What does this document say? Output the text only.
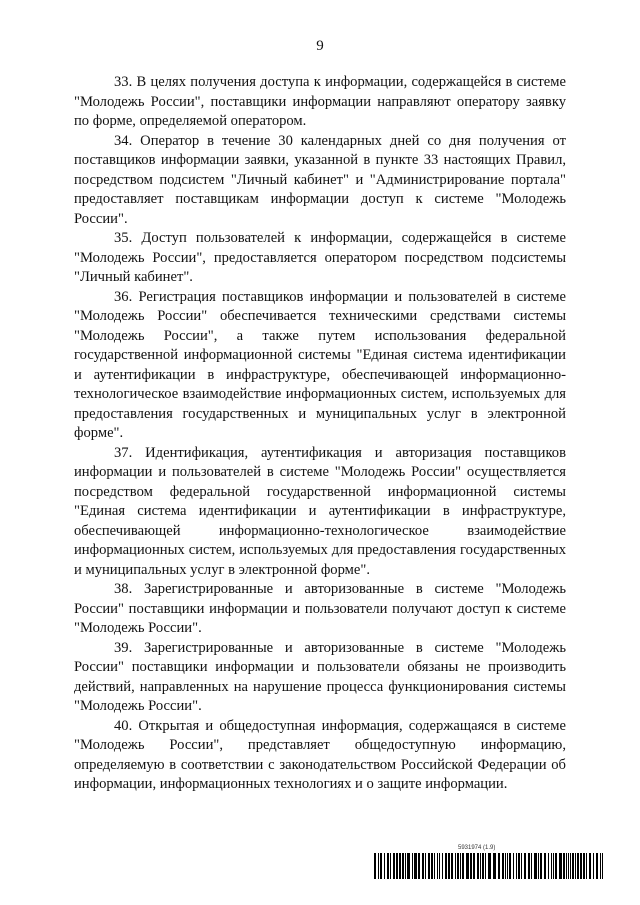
9

33. В целях получения доступа к информации, содержащейся в системе "Молодежь России", поставщики информации направляют оператору заявку по форме, определяемой оператором.

34. Оператор в течение 30 календарных дней со дня получения от поставщиков информации заявки, указанной в пункте 33 настоящих Правил, посредством подсистем "Личный кабинет" и "Администрирование портала" предоставляет поставщикам информации доступ к системе "Молодежь России".

35. Доступ пользователей к информации, содержащейся в системе "Молодежь России", предоставляется оператором посредством подсистемы "Личный кабинет".

36. Регистрация поставщиков информации и пользователей в системе "Молодежь России" обеспечивается техническими средствами системы "Молодежь России", а также путем использования федеральной государственной информационной системы "Единая система идентификации и аутентификации в инфраструктуре, обеспечивающей информационно-технологическое взаимодействие информационных систем, используемых для предоставления государственных и муниципальных услуг в электронной форме".

37. Идентификация, аутентификация и авторизация поставщиков информации и пользователей в системе "Молодежь России" осуществляется посредством федеральной государственной информационной системы "Единая система идентификации и аутентификации в инфраструктуре, обеспечивающей информационно-технологическое взаимодействие информационных систем, используемых для предоставления государственных и муниципальных услуг в электронной форме".

38. Зарегистрированные и авторизованные в системе "Молодежь России" поставщики информации и пользователи получают доступ к системе "Молодежь России".

39. Зарегистрированные и авторизованные в системе "Молодежь России" поставщики информации и пользователи обязаны не производить действий, направленных на нарушение процесса функционирования системы "Молодежь России".

40. Открытая и общедоступная информация, содержащаяся в системе "Молодежь России", представляет общедоступную информацию, определяемую в соответствии с законодательством Российской Федерации об информации, информационных технологиях и о защите информации.

5931974 (1.9)
